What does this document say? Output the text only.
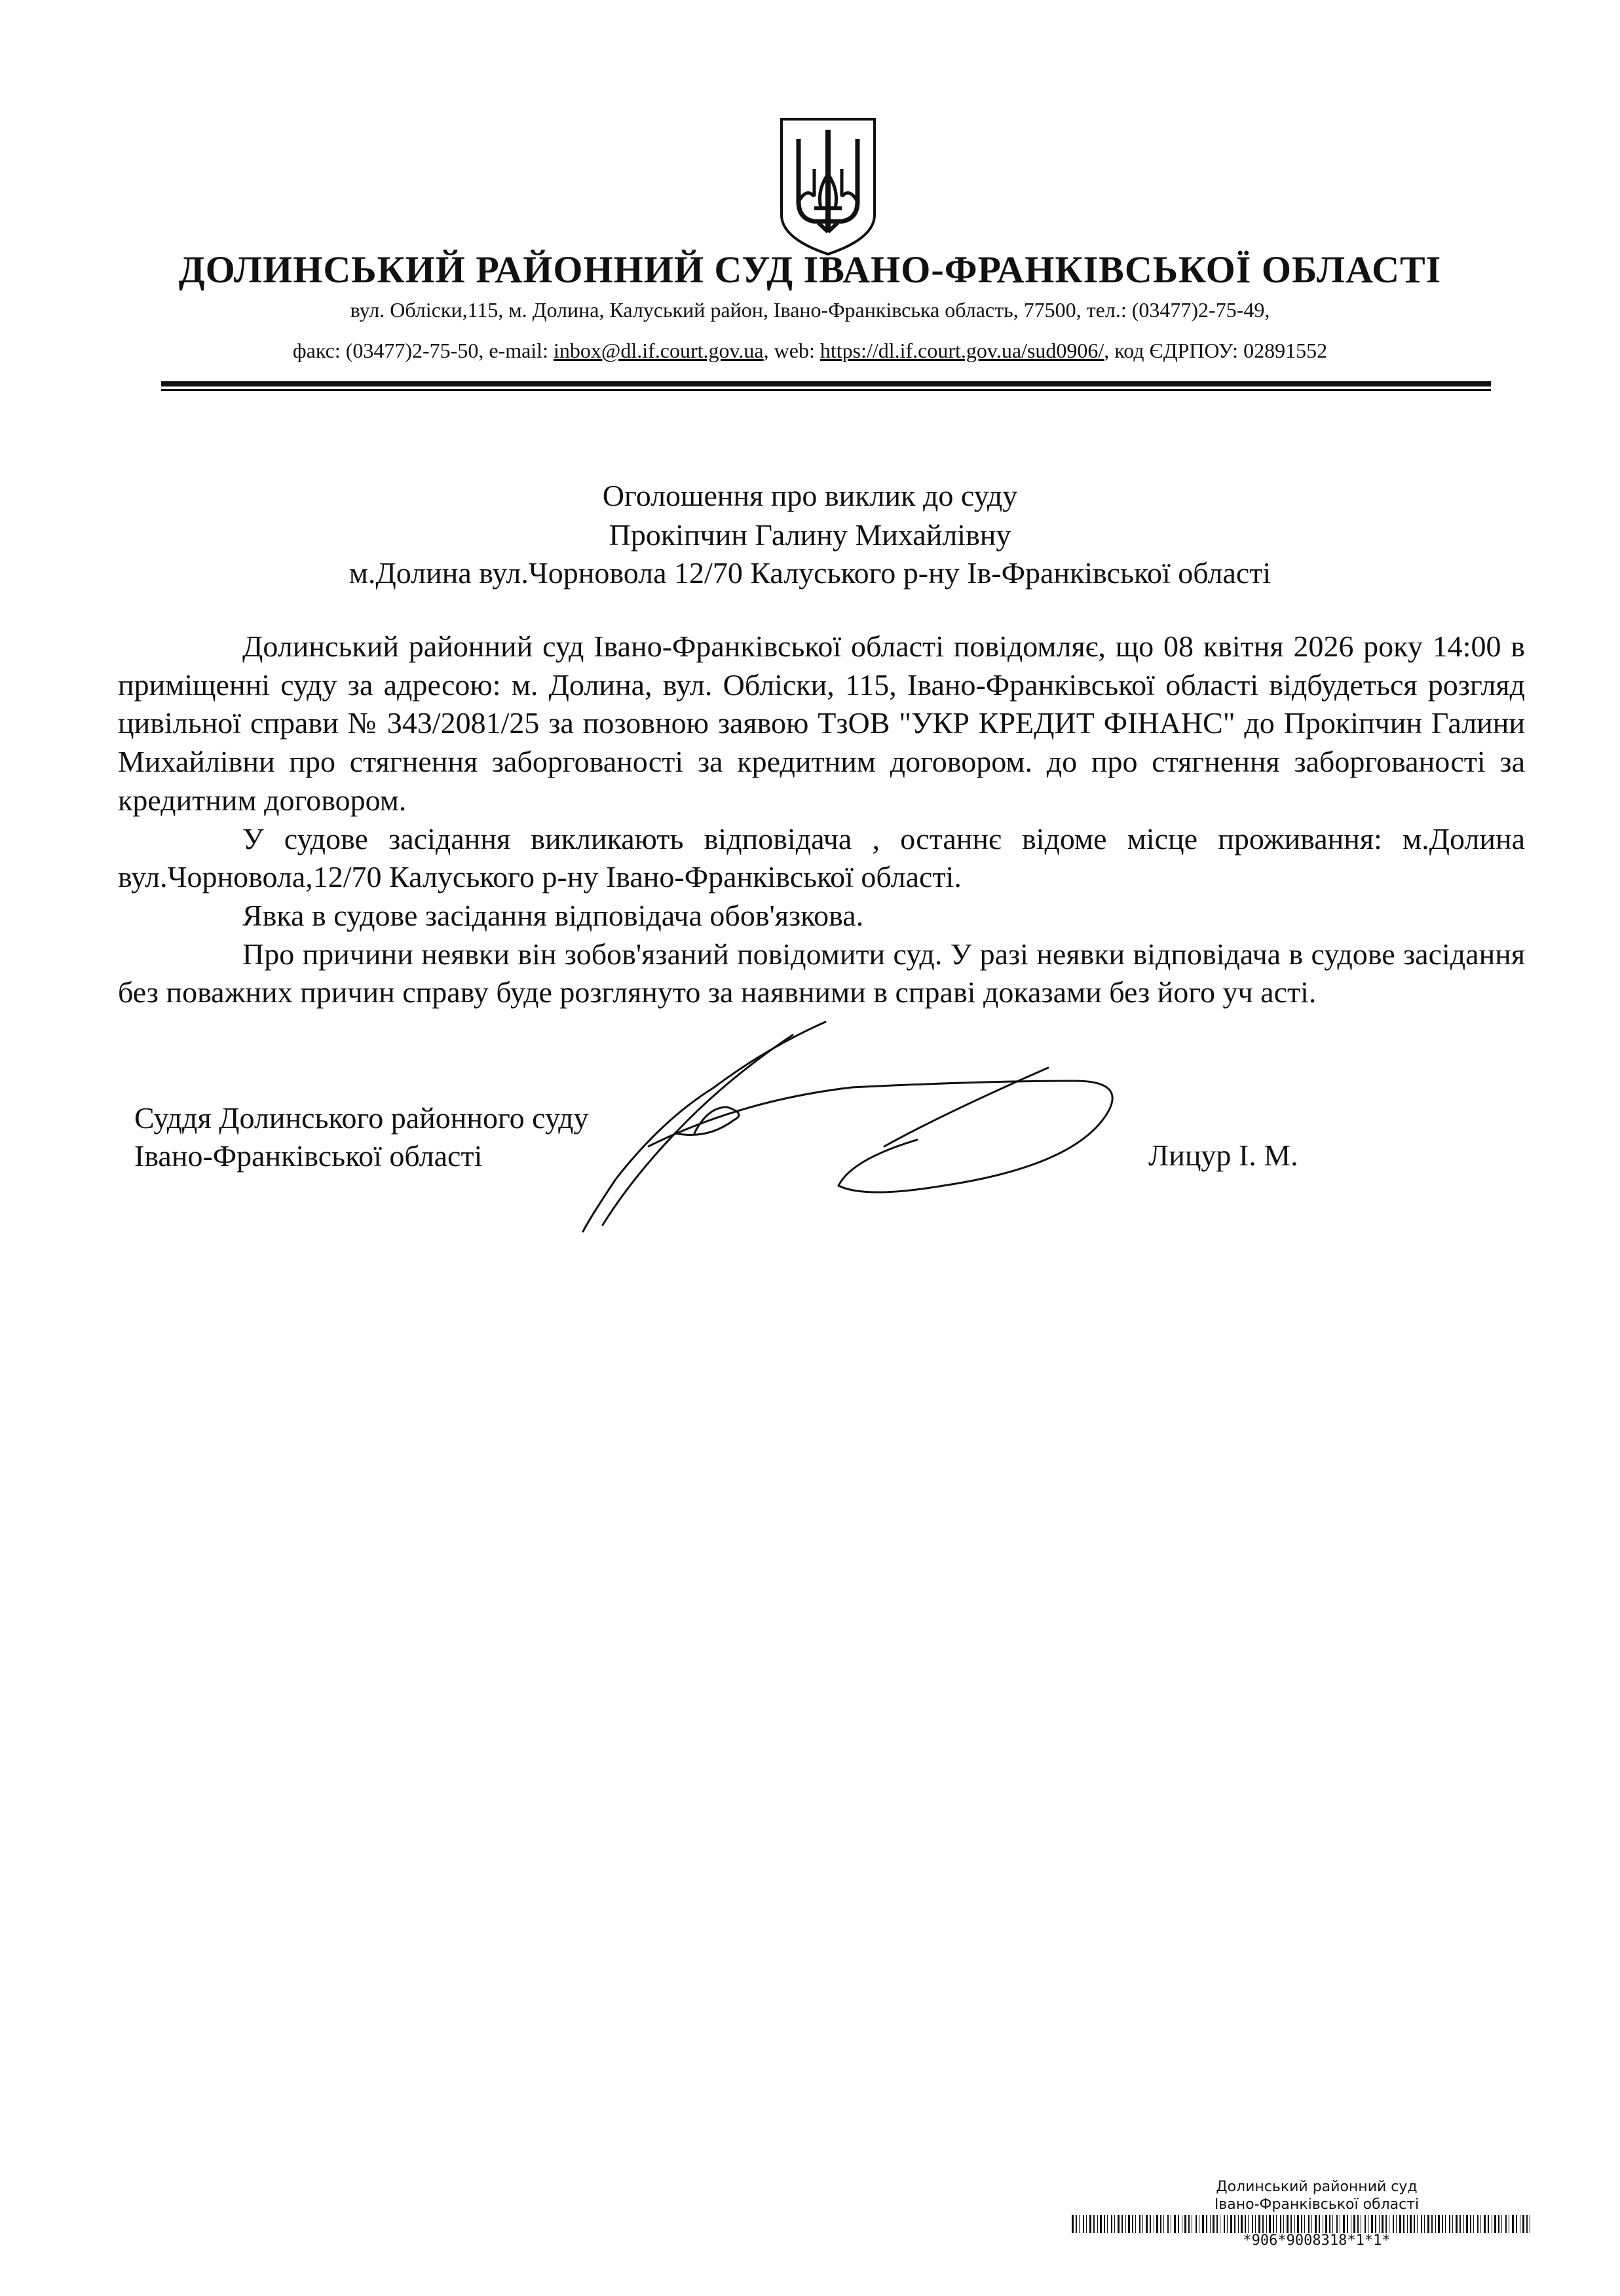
ДОЛИНСЬКИЙ РАЙОННИЙ СУД ІВАНО-ФРАНКІВСЬКОЇ ОБЛАСТІ
вул. Обліски,115, м. Долина, Калуський район, Івано-Франківська область, 77500, тел.: (03477)2-75-49,
факс: (03477)2-75-50, e-mail: inbox@dl.if.court.gov.ua, web: https://dl.if.court.gov.ua/sud0906/, код ЄДРПОУ: 02891552
Оголошення про виклик до суду
Прокіпчин Галину Михайлівну
м.Долина вул.Чорновола 12/70 Калуського р-ну Ів-Франківської області

Долинський районний суд Івано-Франківської області повідомляє, що 08 квітня 2026 року 14:00 в приміщенні суду за адресою: м. Долина, вул. Обліски, 115, Івано-Франківської області відбудеться розгляд цивільної справи № 343/2081/25 за позовною заявою ТзОВ "УКР КРЕДИТ ФІНАНС" до Прокіпчин Галини Михайлівни про стягнення заборгованості за кредитним договором. до про стягнення заборгованості за кредитним договором.

У судове засідання викликають відповідача , останнє відоме місце проживання: м.Долина вул.Чорновола,12/70 Калуського р-ну Івано-Франківської області.

Явка в судове засідання відповідача обов'язкова.

Про причини неявки він зобов'язаний повідомити суд. У разі неявки відповідача в судове засідання без поважних причин справу буде розглянуто за наявними в справі доказами без його уч асті.

Суддя Долинського районного суду
Івано-Франківської області	Лицур І. М.
Долинський районний суд
Івано-Франківської області
*906*9008318*1*1*
